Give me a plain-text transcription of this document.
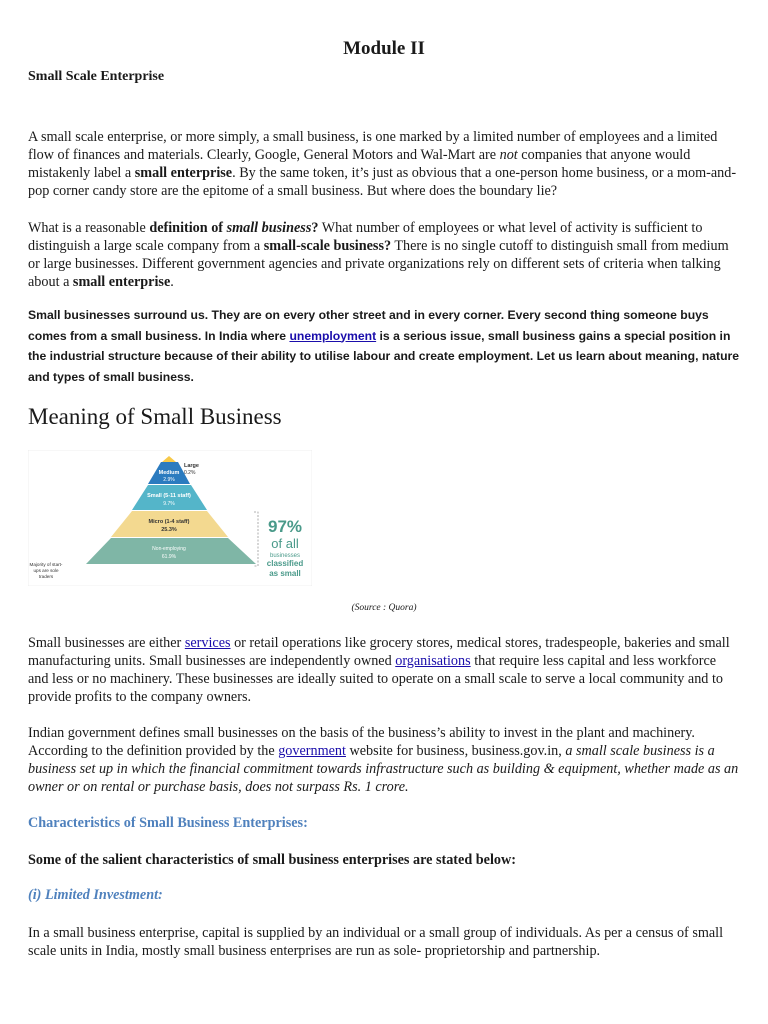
Module II
Small Scale Enterprise

A small scale enterprise, or more simply, a small business, is one marked by a limited number of employees and a limited flow of finances and materials. Clearly, Google, General Motors and Wal-Mart are not companies that anyone would mistakenly label a small enterprise. By the same token, it’s just as obvious that a one-person home business, or a mom-and-pop corner candy store are the epitome of a small business. But where does the boundary lie?

What is a reasonable definition of small business? What number of employees or what level of activity is sufficient to distinguish a large scale company from a small-scale business? There is no single cutoff to distinguish small from medium or large businesses. Different government agencies and private organizations rely on different sets of criteria when talking about a small enterprise.

Small businesses surround us. They are on every other street and in every corner. Every second thing someone buys comes from a small business. In India where unemployment is a serious issue, small business gains a special position in the industrial structure because of their ability to utilise labour and create employment. Let us learn about meaning, nature and types of small business.

Meaning of Small Business
Large
0.2%
Medium
2.9%
Small (5-11 staff)
9.7%
Micro (1-4 staff)
25.3%
Non-employing
61.9%
Majority of start-
ups are sole
traders
97%
of all
businesses
classified
as small
(Source : Quora)

Small businesses are either services or retail operations like grocery stores, medical stores, tradespeople, bakeries and small manufacturing units. Small businesses are independently owned organisations that require less capital and less workforce and less or no machinery. These businesses are ideally suited to operate on a small scale to serve a local community and to provide profits to the company owners.

Indian government defines small businesses on the basis of the business’s ability to invest in the plant and machinery. According to the definition provided by the government website for business, business.gov.in, a small scale business is a business set up in which the financial commitment towards infrastructure such as building & equipment, whether made as an owner or on rental or purchase basis, does not surpass Rs. 1 crore.

Characteristics of Small Business Enterprises:
Some of the salient characteristics of small business enterprises are stated below:
(i) Limited Investment:

In a small business enterprise, capital is supplied by an individual or a small group of individuals. As per a census of small scale units in India, mostly small business enterprises are run as sole- proprietorship and partnership.
